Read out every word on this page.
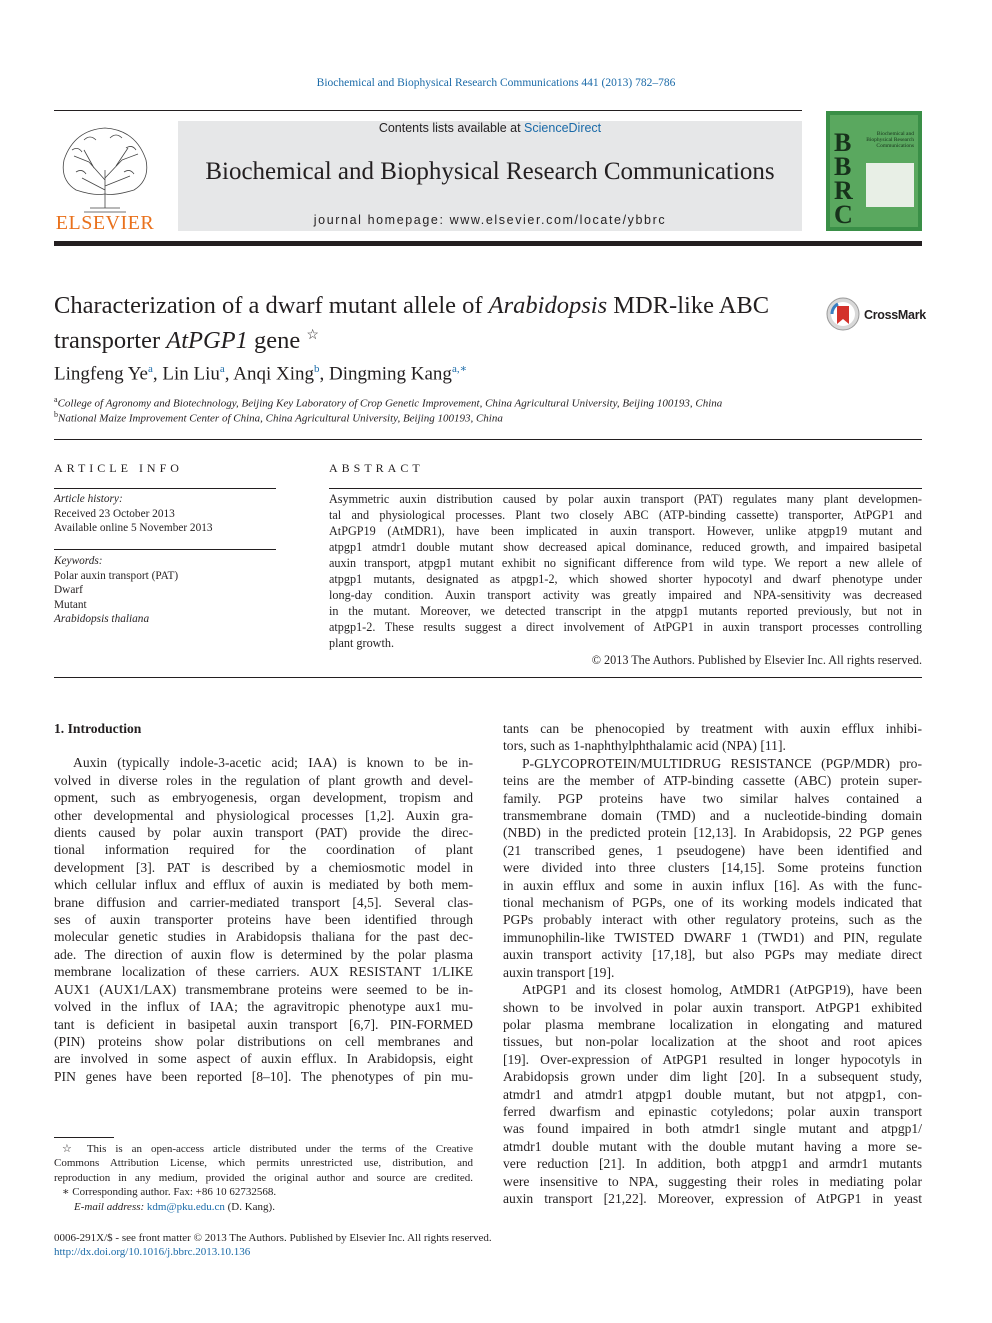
Biochemical and Biophysical Research Communications 441 (2013) 782–786
ELSEVIER
Contents lists available at ScienceDirect
Biochemical and Biophysical Research Communications
journal homepage: www.elsevier.com/locate/ybbrc
B
B
R
C
Biochemical and Biophysical Research Communications
Characterization of a dwarf mutant allele of Arabidopsis MDR-like ABC
transporter AtPGP1 gene ☆
CrossMark
Lingfeng Ye$^a$, Lin Liu$^a$, Anqi Xing$^b$, Dingming Kang$^{a,∗}$
$^a$College of Agronomy and Biotechnology, Beijing Key Laboratory of Crop Genetic Improvement, China Agricultural University, Beijing 100193, China
$^b$National Maize Improvement Center of China, China Agricultural University, Beijing 100193, China
ARTICLE INFO
Article history:
Received 23 October 2013
Available online 5 November 2013
Keywords:
Polar auxin transport (PAT)
Dwarf
Mutant
Arabidopsis thaliana
ABSTRACT
Asymmetric auxin distribution caused by polar auxin transport (PAT) regulates many plant developmen-
tal and physiological processes. Plant two closely ABC (ATP-binding cassette) transporter, AtPGP1 and
AtPGP19 (AtMDR1), have been implicated in auxin transport. However, unlike atpgp19 mutant and
atpgp1 atmdr1 double mutant show decreased apical dominance, reduced growth, and impaired basipetal
auxin transport, atpgp1 mutant exhibit no significant difference from wild type. We report a new allele of
atpgp1 mutants, designated as atpgp1-2, which showed shorter hypocotyl and dwarf phenotype under
long-day condition. Auxin transport activity was greatly impaired and NPA-sensitivity was decreased
in the mutant. Moreover, we detected transcript in the atpgp1 mutants reported previously, but not in
atpgp1-2. These results suggest a direct involvement of AtPGP1 in auxin transport processes controlling
plant growth.
© 2013 The Authors. Published by Elsevier Inc. All rights reserved.
1. Introduction
Auxin (typically indole-3-acetic acid; IAA) is known to be in-
volved in diverse roles in the regulation of plant growth and devel-
opment, such as embryogenesis, organ development, tropism and
other developmental and physiological processes [1,2]. Auxin gra-
dients caused by polar auxin transport (PAT) provide the direc-
tional information required for the coordination of plant
development [3]. PAT is described by a chemiosmotic model in
which cellular influx and efflux of auxin is mediated by both mem-
brane diffusion and carrier-mediated transport [4,5]. Several clas-
ses of auxin transporter proteins have been identified through
molecular genetic studies in Arabidopsis thaliana for the past dec-
ade. The direction of auxin flow is determined by the polar plasma
membrane localization of these carriers. AUX RESISTANT 1/LIKE
AUX1 (AUX1/LAX) transmembrane proteins were seemed to be in-
volved in the influx of IAA; the agravitropic phenotype aux1 mu-
tant is deficient in basipetal auxin transport [6,7]. PIN-FORMED
(PIN) proteins show polar distributions on cell membranes and
are involved in some aspect of auxin efflux. In Arabidopsis, eight
PIN genes have been reported [8–10]. The phenotypes of pin mu-
tants can be phenocopied by treatment with auxin efflux inhibi-
tors, such as 1-naphthylphthalamic acid (NPA) [11].
P-GLYCOPROTEIN/MULTIDRUG RESISTANCE (PGP/MDR) pro-
teins are the member of ATP-binding cassette (ABC) protein super-
family. PGP proteins have two similar halves contained a
transmembrane domain (TMD) and a nucleotide-binding domain
(NBD) in the predicted protein [12,13]. In Arabidopsis, 22 PGP genes
(21 transcribed genes, 1 pseudogene) have been identified and
were divided into three clusters [14,15]. Some proteins function
in auxin efflux and some in auxin influx [16]. As with the func-
tional mechanism of PGPs, one of its working models indicated that
PGPs probably interact with other regulatory proteins, such as the
immunophilin-like TWISTED DWARF 1 (TWD1) and PIN, regulate
auxin transport activity [17,18], but also PGPs may mediate direct
auxin transport [19].
AtPGP1 and its closest homolog, AtMDR1 (AtPGP19), have been
shown to be involved in polar auxin transport. AtPGP1 exhibited
polar plasma membrane localization in elongating and matured
tissues, but non-polar localization at the shoot and root apices
[19]. Over-expression of AtPGP1 resulted in longer hypocotyls in
Arabidopsis grown under dim light [20]. In a subsequent study,
atmdr1 and atmdr1 atpgp1 double mutant, but not atpgp1, con-
ferred dwarfism and epinastic cotyledons; polar auxin transport
was found impaired in both atmdr1 single mutant and atpgp1/
atmdr1 double mutant with the double mutant having a more se-
vere reduction [21]. In addition, both atpgp1 and armdr1 mutants
were insensitive to NPA, suggesting their roles in mediating polar
auxin transport [21,22]. Moreover, expression of AtPGP1 in yeast
☆ This is an open-access article distributed under the terms of the Creative
Commons Attribution License, which permits unrestricted use, distribution, and
reproduction in any medium, provided the original author and source are credited.
∗ Corresponding author. Fax: +86 10 62732568.
E-mail address: kdm@pku.edu.cn (D. Kang).
0006-291X/$ - see front matter © 2013 The Authors. Published by Elsevier Inc. All rights reserved.
http://dx.doi.org/10.1016/j.bbrc.2013.10.136
